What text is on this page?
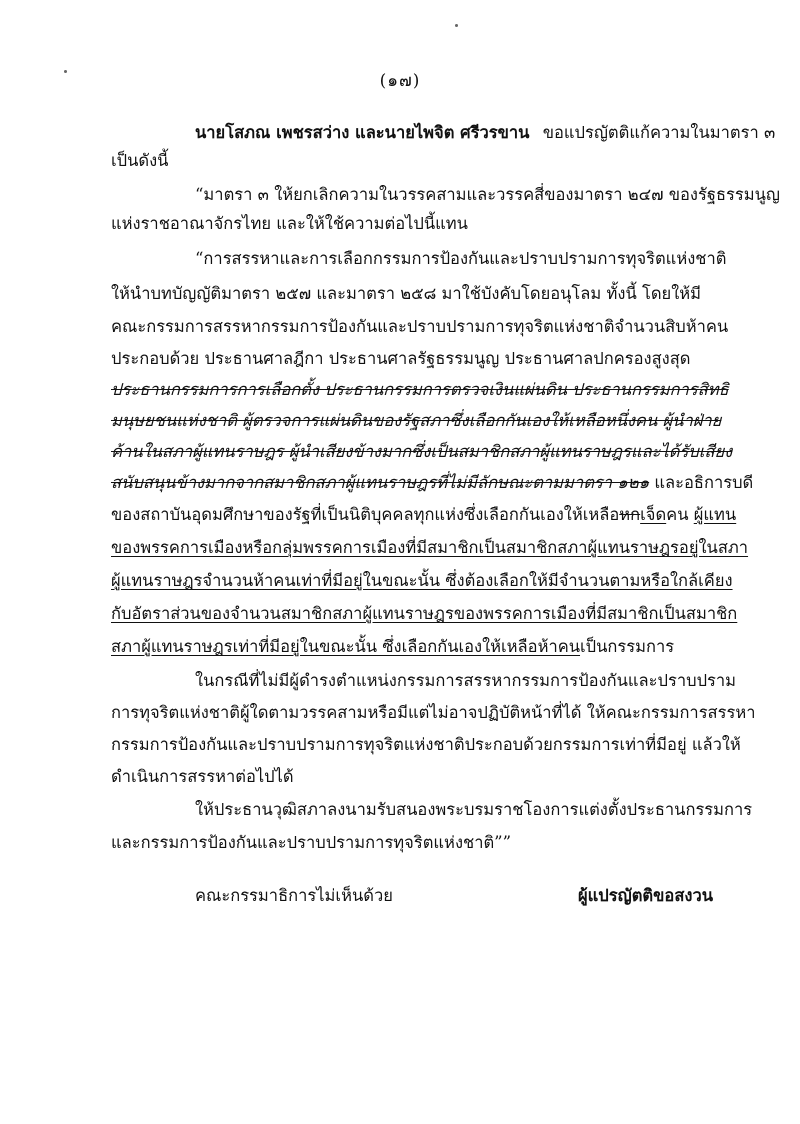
(๑๗)
นายโสภณ เพชรสว่าง และนายไพจิต ศรีวรขาน ขอแปรญัตติแก้ความในมาตรา ๓
เป็นดังนี้
“มาตรา ๓ ให้ยกเลิกความในวรรคสามและวรรคสี่ของมาตรา ๒๔๗ ของรัฐธรรมนูญ
แห่งราชอาณาจักรไทย และให้ใช้ความต่อไปนี้แทน
“การสรรหาและการเลือกกรรมการป้องกันและปราบปรามการทุจริตแห่งชาติ
ให้นำบทบัญญัติมาตรา ๒๕๗ และมาตรา ๒๕๘ มาใช้บังคับโดยอนุโลม ทั้งนี้ โดยให้มี
คณะกรรมการสรรหากรรมการป้องกันและปราบปรามการทุจริตแห่งชาติจำนวนสิบห้าคน
ประกอบด้วย ประธานศาลฎีกา ประธานศาลรัฐธรรมนูญ ประธานศาลปกครองสูงสุด
ประธานกรรมการการเลือกตั้ง ประธานกรรมการตรวจเงินแผ่นดิน ประธานกรรมการสิทธิ
มนุษยชนแห่งชาติ ผู้ตรวจการแผ่นดินของรัฐสภาซึ่งเลือกกันเองให้เหลือหนึ่งคน ผู้นำฝ่าย
ค้านในสภาผู้แทนราษฎร ผู้นำเสียงข้างมากซึ่งเป็นสมาชิกสภาผู้แทนราษฎรและได้รับเสียง
สนับสนุนข้างมากจากสมาชิกสภาผู้แทนราษฎรที่ไม่มีลักษณะตามมาตรา ๑๒๑ และอธิการบดี
ของสถาบันอุดมศึกษาของรัฐที่เป็นนิติบุคคลทุกแห่งซึ่งเลือกกันเองให้เหลือหกเจ็ดคน ผู้แทน
ของพรรคการเมืองหรือกลุ่มพรรคการเมืองที่มีสมาชิกเป็นสมาชิกสภาผู้แทนราษฎรอยู่ในสภา
ผู้แทนราษฎรจำนวนห้าคนเท่าที่มีอยู่ในขณะนั้น ซึ่งต้องเลือกให้มีจำนวนตามหรือใกล้เคียง
กับอัตราส่วนของจำนวนสมาชิกสภาผู้แทนราษฎรของพรรคการเมืองที่มีสมาชิกเป็นสมาชิก
สภาผู้แทนราษฎรเท่าที่มีอยู่ในขณะนั้น ซึ่งเลือกกันเองให้เหลือห้าคนเป็นกรรมการ
ในกรณีที่ไม่มีผู้ดำรงตำแหน่งกรรมการสรรหากรรมการป้องกันและปราบปราม
การทุจริตแห่งชาติผู้ใดตามวรรคสามหรือมีแต่ไม่อาจปฏิบัติหน้าที่ได้ ให้คณะกรรมการสรรหา
กรรมการป้องกันและปราบปรามการทุจริตแห่งชาติประกอบด้วยกรรมการเท่าที่มีอยู่ แล้วให้
ดำเนินการสรรหาต่อไปได้
ให้ประธานวุฒิสภาลงนามรับสนองพระบรมราชโองการแต่งตั้งประธานกรรมการ
และกรรมการป้องกันและปราบปรามการทุจริตแห่งชาติ””
คณะกรรมาธิการไม่เห็นด้วย	ผู้แปรญัตติขอสงวน
